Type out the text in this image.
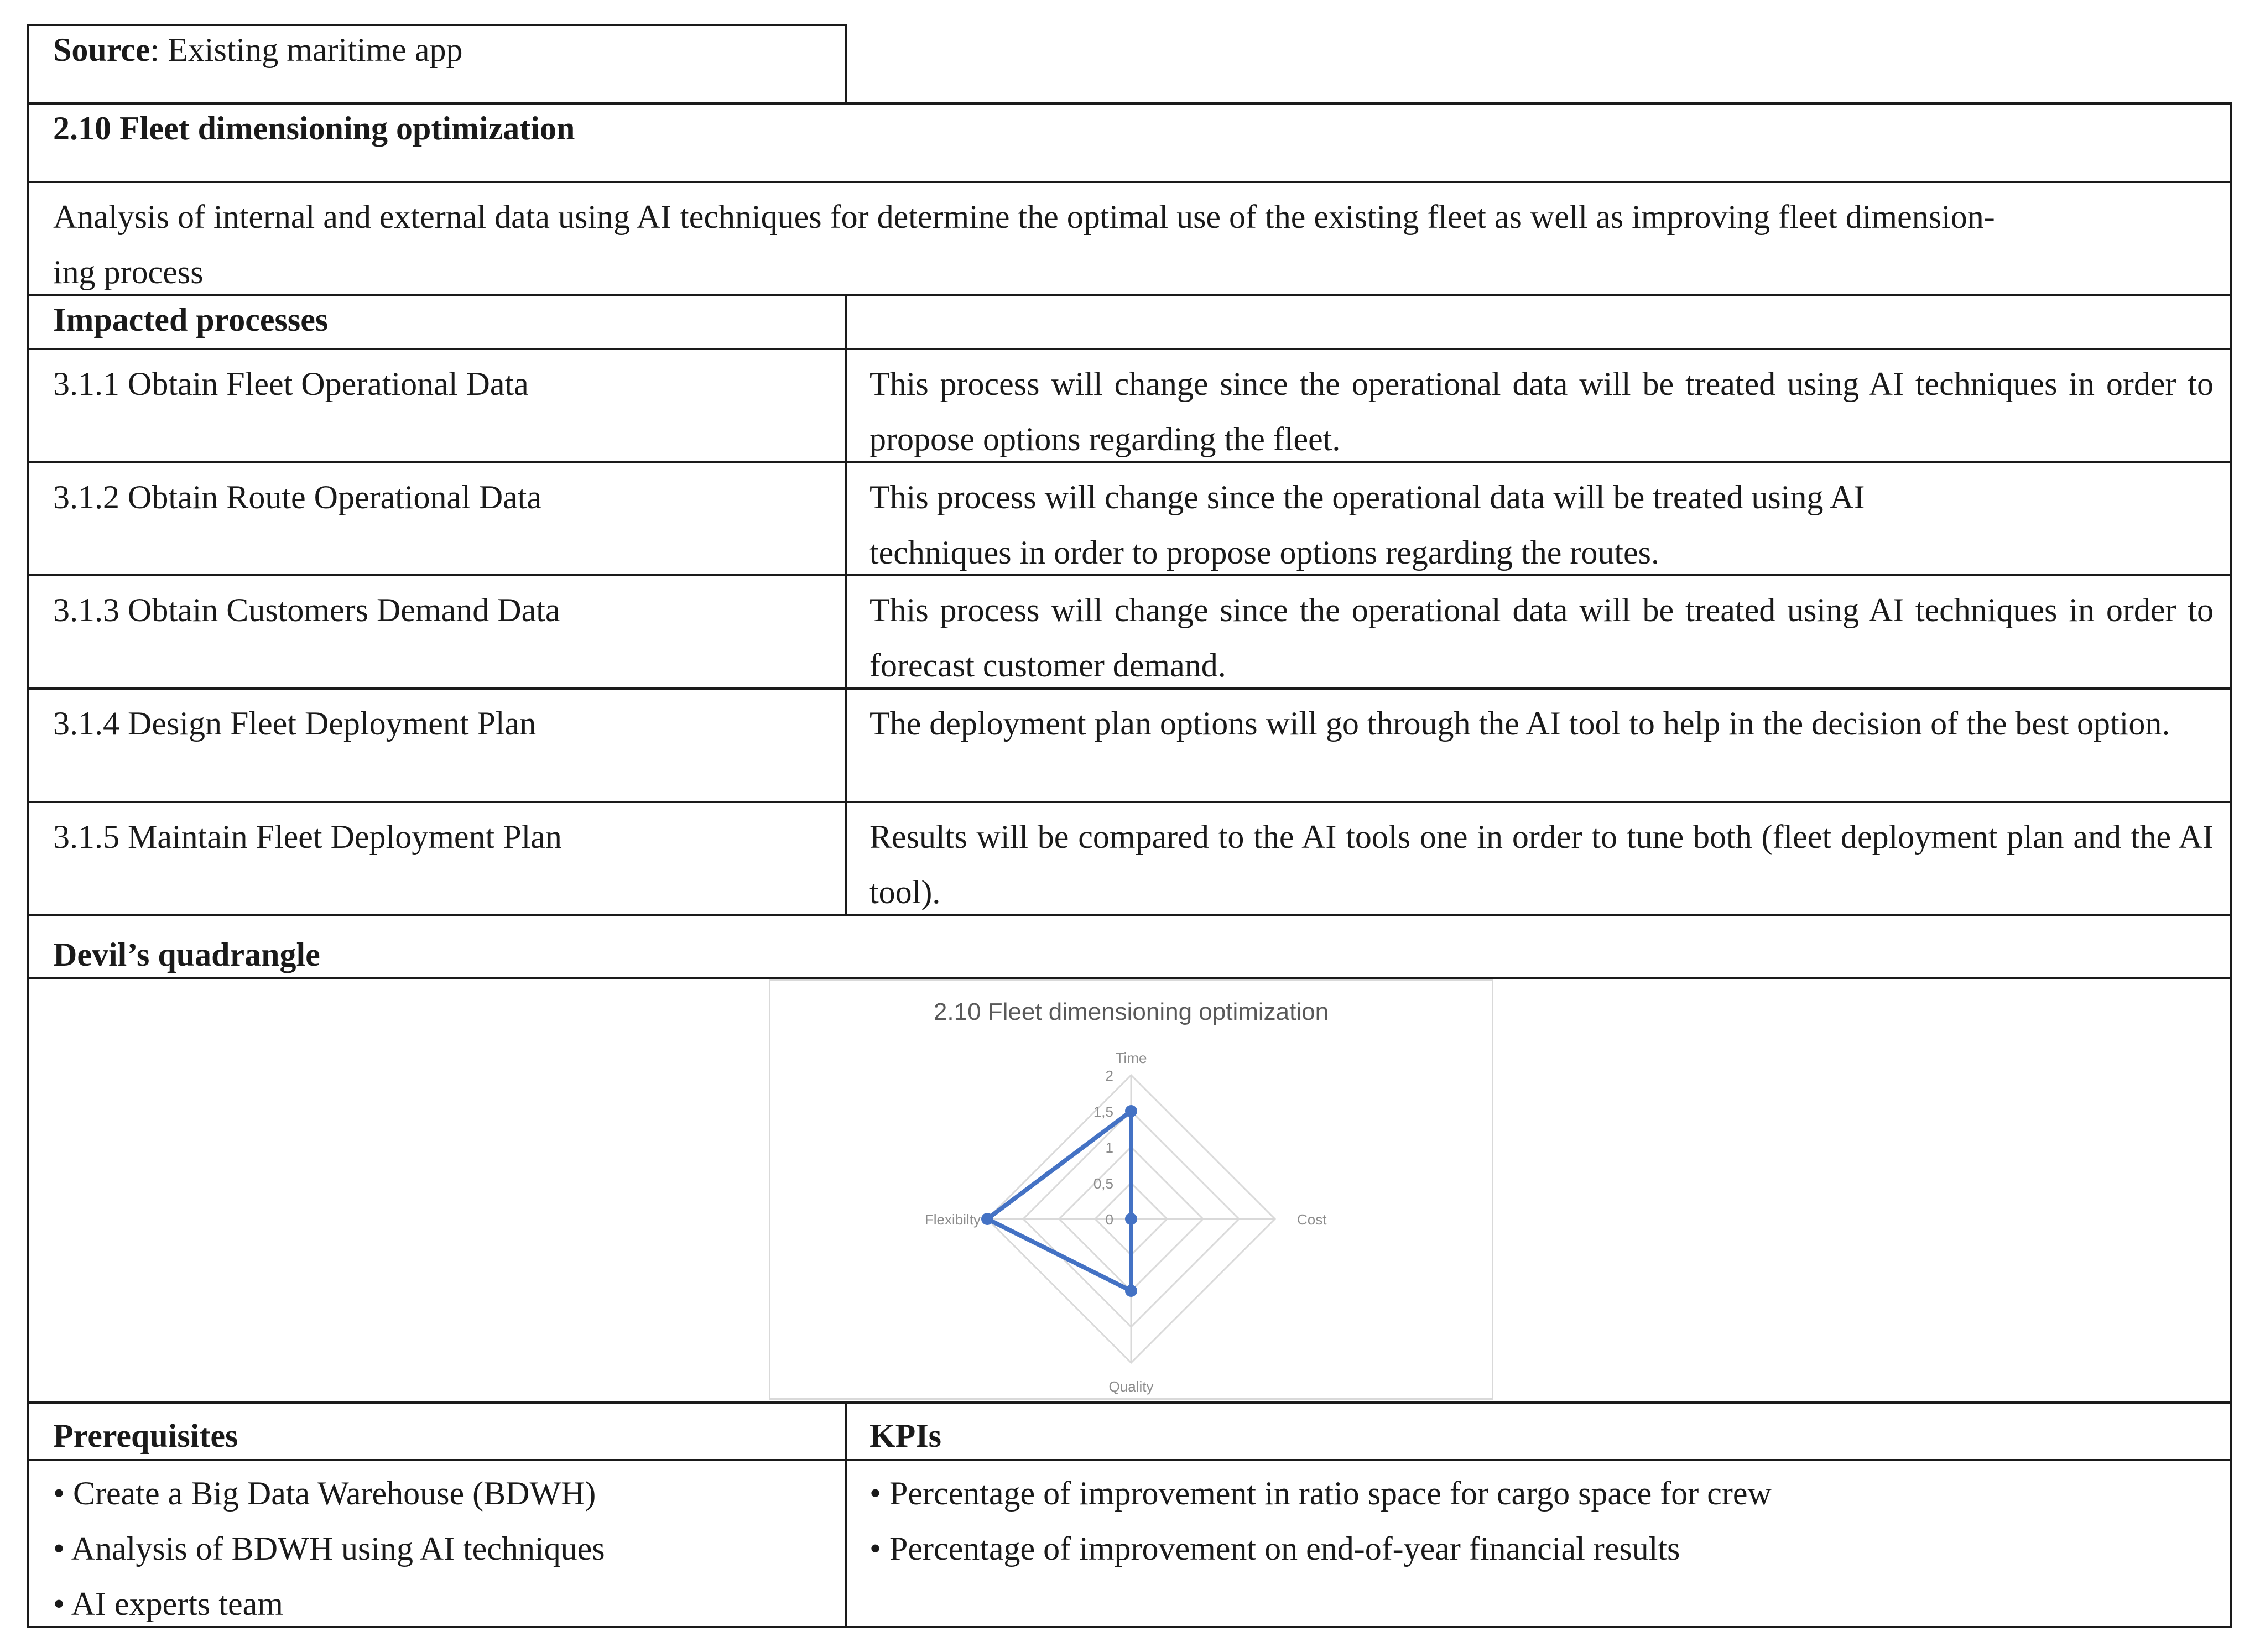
Source: Existing maritime app
2.10 Fleet dimensioning optimization
Analysis of internal and external data using AI techniques for determine the optimal use of the existing fleet as well as improving fleet dimension-
ing process
Impacted processes
3.1.1 Obtain Fleet Operational Data	This process will change since the operational data will be treated using AI techniques in order to propose options regarding the fleet.
3.1.2 Obtain Route Operational Data	This process will change since the operational data will be treated using AI
techniques in order to propose options regarding the routes.
3.1.3 Obtain Customers Demand Data	This process will change since the operational data will be treated using AI techniques in order to forecast customer demand.
3.1.4 Design Fleet Deployment Plan	The deployment plan options will go through the AI tool to help in the decision of the best option.
3.1.5 Maintain Fleet Deployment Plan	Results will be compared to the AI tools one in order to tune both (fleet deployment plan and the AI tool).
Devil’s quadrangle
2.10 Fleet dimensioning optimization
Time
Cost
Quality
Flexibilty	0
0,5
1
1,5
2
Prerequisites	KPIs
• Create a Big Data Warehouse (BDWH)
• Analysis of BDWH using AI techniques
• AI experts team
• Percentage of improvement in ratio space for cargo space for crew
• Percentage of improvement on end-of-year financial results
